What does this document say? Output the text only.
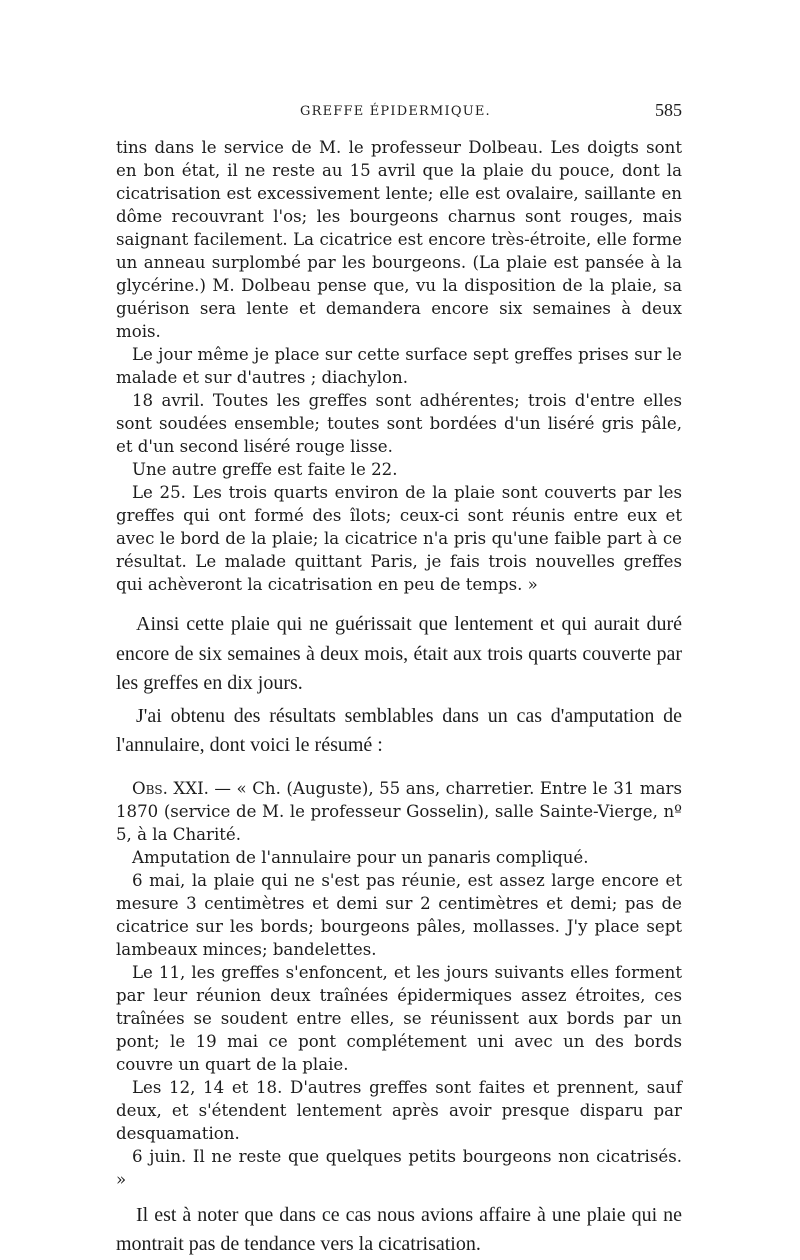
GREFFE ÉPIDERMIQUE.	585

tins dans le service de M. le professeur Dolbeau. Les doigts sont en bon état, il ne reste au 15 avril que la plaie du pouce, dont la cicatrisation est excessivement lente; elle est ovalaire, saillante en dôme recouvrant l'os; les bourgeons charnus sont rouges, mais saignant facilement. La cicatrice est encore très-étroite, elle forme un anneau surplombé par les bourgeons. (La plaie est pansée à la glycérine.) M. Dolbeau pense que, vu la disposition de la plaie, sa guérison sera lente et demandera encore six semaines à deux mois.

Le jour même je place sur cette surface sept greffes prises sur le malade et sur d'autres ; diachylon.

18 avril. Toutes les greffes sont adhérentes; trois d'entre elles sont soudées ensemble; toutes sont bordées d'un liséré gris pâle, et d'un second liséré rouge lisse.

Une autre greffe est faite le 22.

Le 25. Les trois quarts environ de la plaie sont couverts par les greffes qui ont formé des îlots; ceux-ci sont réunis entre eux et avec le bord de la plaie; la cicatrice n'a pris qu'une faible part à ce résultat. Le malade quittant Paris, je fais trois nouvelles greffes qui achèveront la cicatrisation en peu de temps. »

Ainsi cette plaie qui ne guérissait que lentement et qui aurait duré encore de six semaines à deux mois, était aux trois quarts couverte par les greffes en dix jours.

J'ai obtenu des résultats semblables dans un cas d'amputation de l'annulaire, dont voici le résumé :

Obs. XXI. — « Ch. (Auguste), 55 ans, charretier. Entre le 31 mars 1870 (service de M. le professeur Gosselin), salle Sainte-Vierge, nº 5, à la Charité.

Amputation de l'annulaire pour un panaris compliqué.

6 mai, la plaie qui ne s'est pas réunie, est assez large encore et mesure 3 centimètres et demi sur 2 centimètres et demi; pas de cicatrice sur les bords; bourgeons pâles, mollasses. J'y place sept lambeaux minces; bandelettes.

Le 11, les greffes s'enfoncent, et les jours suivants elles forment par leur réunion deux traînées épidermiques assez étroites, ces traînées se soudent entre elles, se réunissent aux bords par un pont; le 19 mai ce pont complétement uni avec un des bords couvre un quart de la plaie.

Les 12, 14 et 18. D'autres greffes sont faites et prennent, sauf deux, et s'étendent lentement après avoir presque disparu par desquamation.

6 juin. Il ne reste que quelques petits bourgeons non cicatrisés. »

Il est à noter que dans ce cas nous avions affaire à une plaie qui ne montrait pas de tendance vers la cicatrisation.
